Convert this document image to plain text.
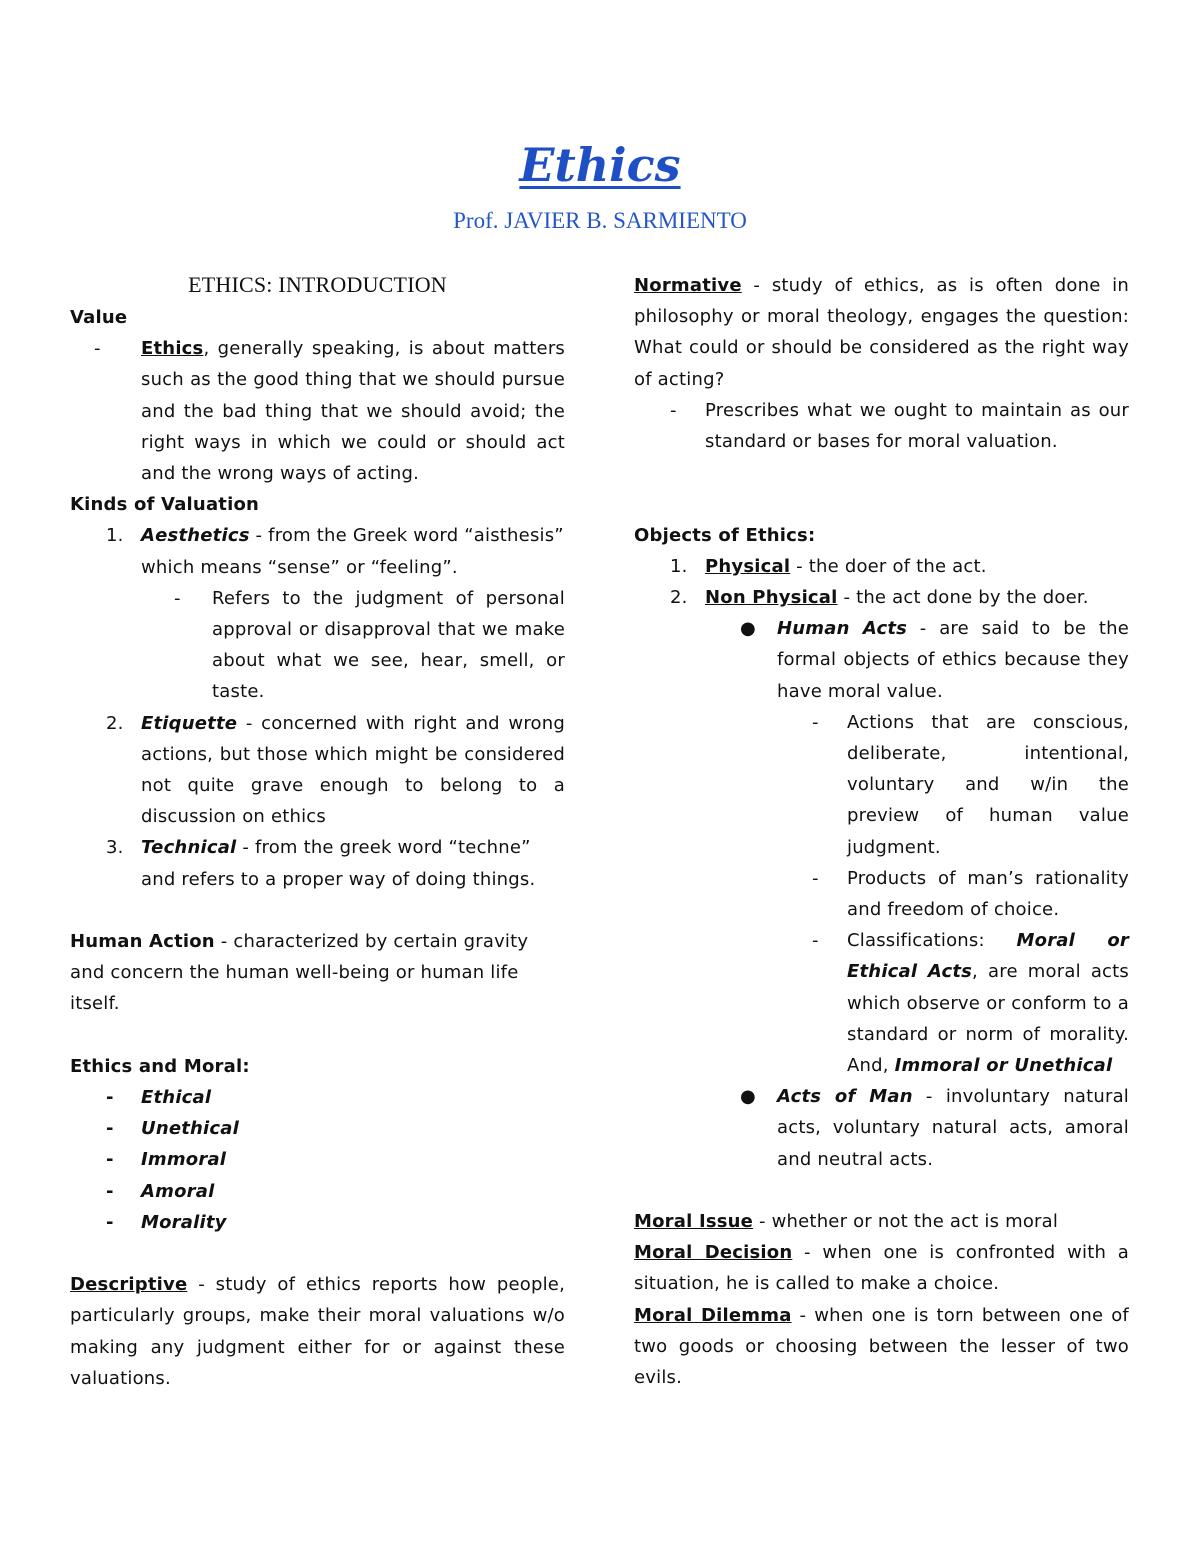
Ethics
Prof. JAVIER B. SARMIENTO
ETHICS: INTRODUCTION

Value

-	Ethics, generally speaking, is about matters such as the good thing that we should pursue and the bad thing that we should avoid; the right ways in which we could or should act and the wrong ways of acting.

Kinds of Valuation

1. Aesthetics - from the Greek word “aisthesis” which means “sense” or “feeling”.
-	Refers to the judgment of personal approval or disapproval that we make about what we see, hear, smell, or taste.
2. Etiquette - concerned with right and wrong actions, but those which might be considered not quite grave enough to belong to a discussion on ethics
3. Technical - from the greek word “techne” and refers to a proper way of doing things.

Human Action - characterized by certain gravity and concern the human well-being or human life itself.

Ethics and Moral:

-	Ethical
-	Unethical
-	Immoral
-	Amoral
-	Morality

Descriptive - study of ethics reports how people, particularly groups, make their moral valuations w/o making any judgment either for or against these valuations.

Normative - study of ethics, as is often done in philosophy or moral theology, engages the question: What could or should be considered as the right way of acting?

-	Prescribes what we ought to maintain as our standard or bases for moral valuation.

Objects of Ethics:

1. Physical - the doer of the act.
2. Non Physical - the act done by the doer.
●	Human Acts - are said to be the formal objects of ethics because they have moral value.
-	Actions that are conscious, deliberate, intentional, voluntary and w/in the preview of human value judgment.
-	Products of man’s rationality and freedom of choice.
-	Classifications: Moral or Ethical Acts, are moral acts which observe or conform to a standard or norm of morality. And, Immoral or Unethical
●	Acts of Man - involuntary natural acts, voluntary natural acts, amoral and neutral acts.

Moral Issue - whether or not the act is moral

Moral Decision - when one is confronted with a situation, he is called to make a choice.

Moral Dilemma - when one is torn between one of two goods or choosing between the lesser of two evils.
